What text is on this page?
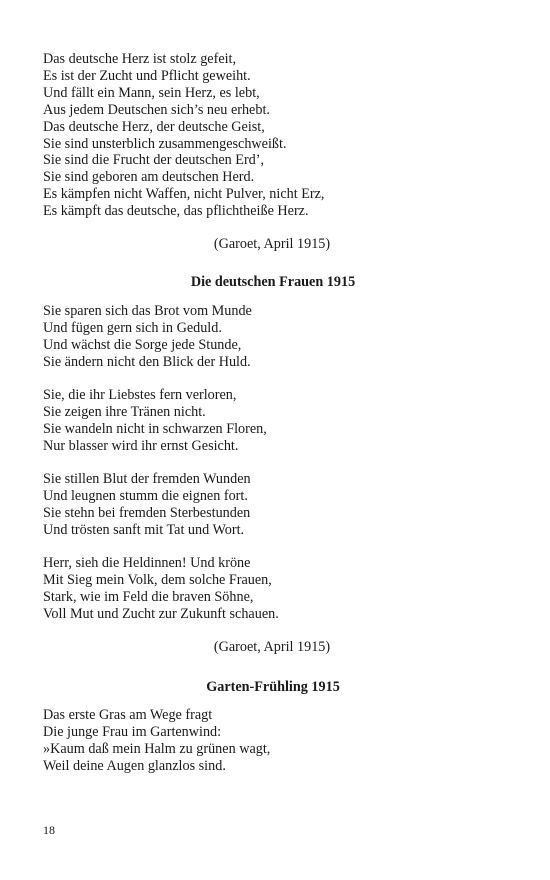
Das deutsche Herz ist stolz gefeit,
Es ist der Zucht und Pflicht geweiht.
Und fällt ein Mann, sein Herz, es lebt,
Aus jedem Deutschen sich’s neu erhebt.
Das deutsche Herz, der deutsche Geist,
Sie sind unsterblich zusammengeschweißt.
Sie sind die Frucht der deutschen Erd’,
Sie sind geboren am deutschen Herd.
Es kämpfen nicht Waffen, nicht Pulver, nicht Erz,
Es kämpft das deutsche, das pflichtheiße Herz.
(Garoet, April 1915)
Die deutschen Frauen 1915
Sie sparen sich das Brot vom Munde
Und fügen gern sich in Geduld.
Und wächst die Sorge jede Stunde,
Sie ändern nicht den Blick der Huld.
Sie, die ihr Liebstes fern verloren,
Sie zeigen ihre Tränen nicht.
Sie wandeln nicht in schwarzen Floren,
Nur blasser wird ihr ernst Gesicht.
Sie stillen Blut der fremden Wunden
Und leugnen stumm die eignen fort.
Sie stehn bei fremden Sterbestunden
Und trösten sanft mit Tat und Wort.
Herr, sieh die Heldinnen! Und kröne
Mit Sieg mein Volk, dem solche Frauen,
Stark, wie im Feld die braven Söhne,
Voll Mut und Zucht zur Zukunft schauen.
(Garoet, April 1915)
Garten-Frühling 1915
Das erste Gras am Wege fragt
Die junge Frau im Gartenwind:
»Kaum daß mein Halm zu grünen wagt,
Weil deine Augen glanzlos sind.
18
